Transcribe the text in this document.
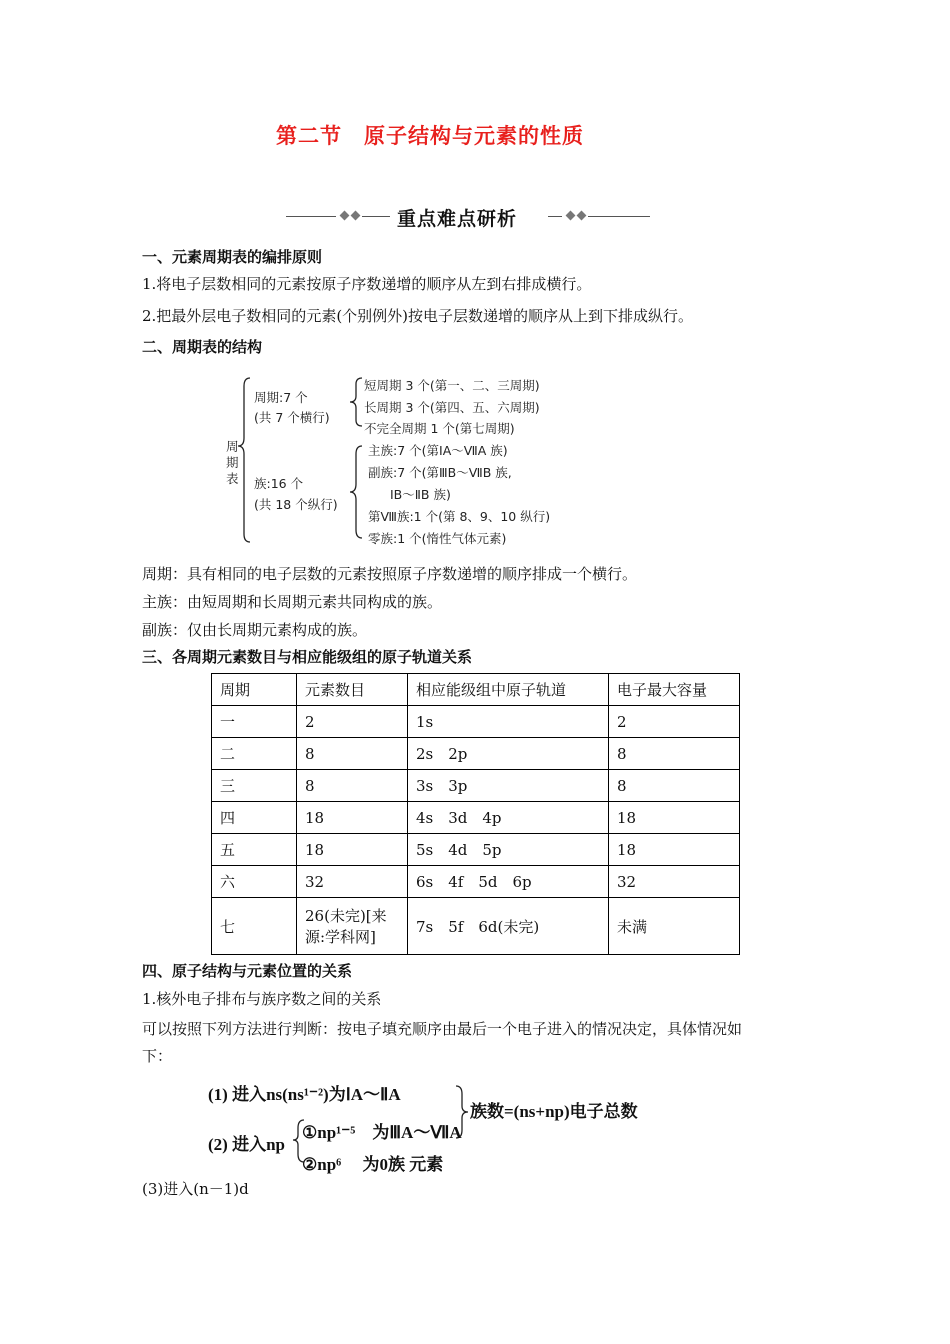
第二节　原子结构与元素的性质
重点难点研析
一、元素周期表的编排原则
1.将电子层数相同的元素按原子序数递增的顺序从左到右排成横行。
2.把最外层电子数相同的元素(个别例外)按电子层数递增的顺序从上到下排成纵行。
二、周期表的结构
周
期
表
周期:7 个
(共 7 个横行)
短周期 3 个(第一、二、三周期)
长周期 3 个(第四、五、六周期)
不完全周期 1 个(第七周期)
族:16 个
(共 18 个纵行)
主族:7 个(第ⅠA～ⅦA 族)
副族:7 个(第ⅢB～ⅦB 族,
ⅠB～ⅡB 族)
第Ⅷ族:1 个(第 8、9、10 纵行)
零族:1 个(惰性气体元素)
周期：具有相同的电子层数的元素按照原子序数递增的顺序排成一个横行。
主族：由短周期和长周期元素共同构成的族。
副族：仅由长周期元素构成的族。
三、各周期元素数目与相应能级组的原子轨道关系
周期	元素数目	相应能级组中原子轨道	电子最大容量
一	2	1s	2
二	8	2s　2p	8
三	8	3s　3p	8
四	18	4s　3d　4p	18
五	18	5s　4d　5p	18
六	32	6s　4f　5d　6p	32
七	26(未完)[来
源:学科网]	7s　5f　6d(未完)	未满
四、原子结构与元素位置的关系
1.核外电子排布与族序数之间的关系
可以按照下列方法进行判断：按电子填充顺序由最后一个电子进入的情况决定，具体情况如
下：
(1) 进入ns(ns¹⁻²)为ⅠA～ⅡA
(2) 进入np
①np¹⁻⁵　为ⅢA～ⅦA
②np⁶　 为0族 元素
族数=(ns+np)电子总数
(3)进入(n－1)d
